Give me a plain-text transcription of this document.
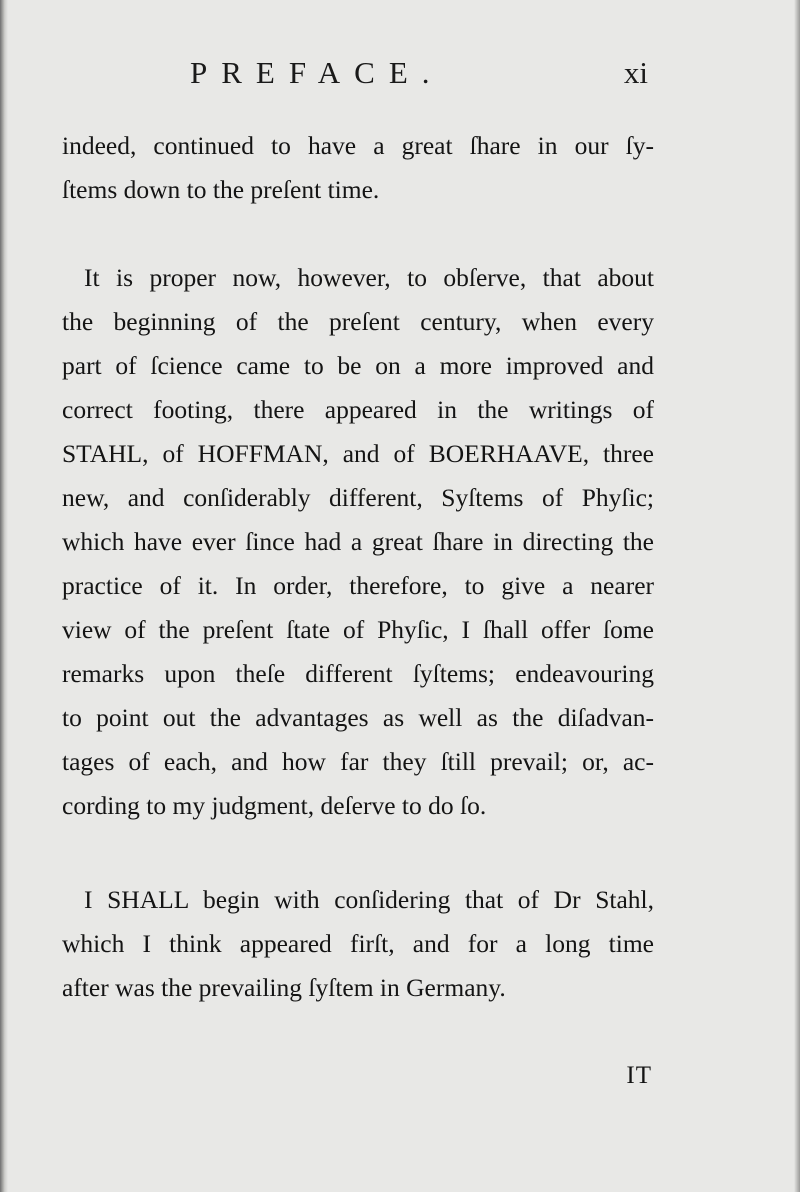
PREFACE.	xi
indeed, continued to have a great ſhare in our ſy-
ſtems down to the preſent time.
It is proper now, however, to obſerve, that about
the beginning of the preſent century, when every
part of ſcience came to be on a more improved and
correct footing, there appeared in the writings of
STAHL, of HOFFMAN, and of BOERHAAVE, three
new, and conſiderably different, Syſtems of Phyſic;
which have ever ſince had a great ſhare in directing the
practice of it. In order, therefore, to give a nearer
view of the preſent ſtate of Phyſic, I ſhall offer ſome
remarks upon theſe different ſyſtems; endeavouring
to point out the advantages as well as the diſadvan-
tages of each, and how far they ſtill prevail; or, ac-
cording to my judgment, deſerve to do ſo.
I SHALL begin with conſidering that of Dr Stahl,
which I think appeared firſt, and for a long time
after was the prevailing ſyſtem in Germany.
IT
